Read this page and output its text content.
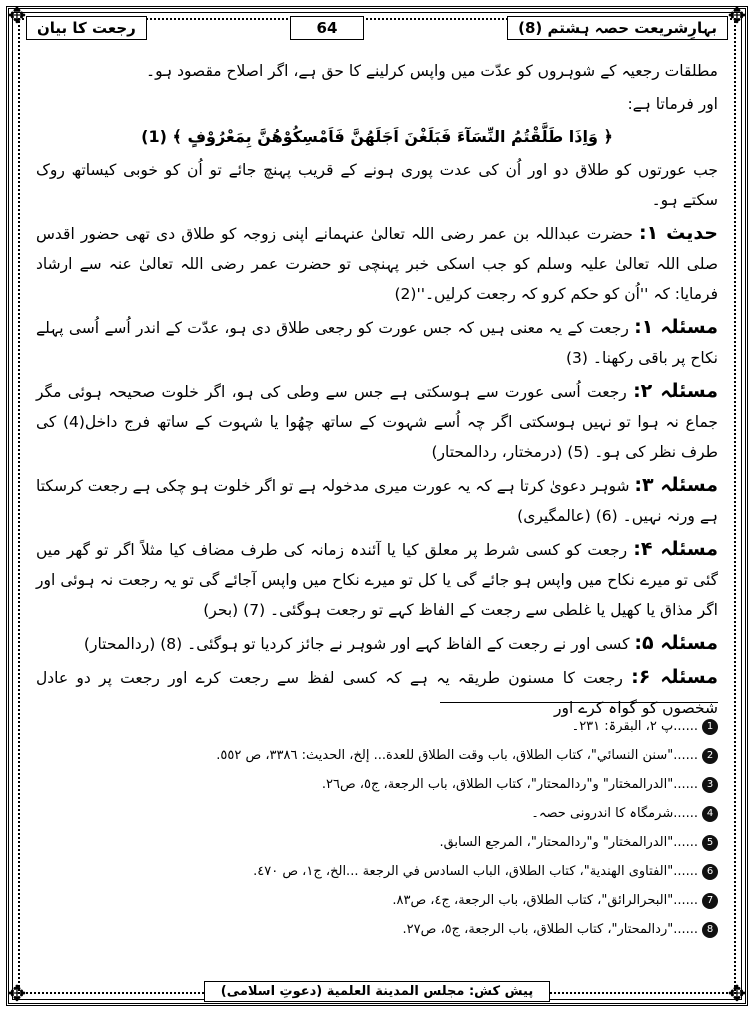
✥	✥
✥	✥
رجعت کا بیان	64	بہارِشریعت حصہ ہشتم (8)
پیش کش: مجلس المدينة العلمية (دعوتِ اسلامی)

مطلقات رجعیہ کے شوہروں کو عدّت میں واپس کرلینے کا حق ہے، اگر اصلاح مقصود ہو۔

اور فرماتا ہے:

﴿ وَاِذَا طَلَّقْتُمُ النِّسَآءَ فَبَلَغْنَ اَجَلَهُنَّ فَاَمْسِكُوْهُنَّ بِمَعْرُوْفٍ ﴾ (1)

جب عورتوں کو طلاق دو اور اُن کی عدت پوری ہونے کے قریب پہنچ جائے تو اُن کو خوبی کیساتھ روک سکتے ہو۔

حدیث ۱: حضرت عبداللہ بن عمر رضی اللہ تعالیٰ عنہمانے اپنی زوجہ کو طلاق دی تھی حضور اقدس صلی اللہ تعالیٰ علیہ وسلم کو جب اسکی خبر پہنچی تو حضرت عمر رضی اللہ تعالیٰ عنہ سے ارشاد فرمایا: کہ ''اُن کو حکم کرو کہ رجعت کرلیں۔''(2)

مسئلہ ۱: رجعت کے یہ معنی ہیں کہ جس عورت کو رجعی طلاق دی ہو، عدّت کے اندر اُسے اُسی پہلے نکاح پر باقی رکھنا۔ (3)

مسئلہ ۲: رجعت اُسی عورت سے ہوسکتی ہے جس سے وطی کی ہو، اگر خلوت صحیحہ ہوئی مگر جماع نہ ہوا تو نہیں ہوسکتی اگر چہ اُسے شہوت کے ساتھ چھُوا یا شہوت کے ساتھ فرج داخل(4) کی طرف نظر کی ہو۔ (5) (درمختار، ردالمحتار)

مسئلہ ۳: شوہر دعویٰ کرتا ہے کہ یہ عورت میری مدخولہ ہے تو اگر خلوت ہو چکی ہے رجعت کرسکتا ہے ورنہ نہیں۔ (6) (عالمگیری)

مسئلہ ۴: رجعت کو کسی شرط پر معلق کیا یا آئندہ زمانہ کی طرف مضاف کیا مثلاً اگر تو گھر میں گئی تو میرے نکاح میں واپس ہو جائے گی یا کل تو میرے نکاح میں واپس آجائے گی تو یہ رجعت نہ ہوئی اور اگر مذاق یا کھیل یا غلطی سے رجعت کے الفاظ کہے تو رجعت ہوگئی۔ (7) (بحر)

مسئلہ ۵: کسی اور نے رجعت کے الفاظ کہے اور شوہر نے جائز کردیا تو ہوگئی۔ (8) (ردالمحتار)

مسئلہ ۶: رجعت کا مسنون طریقہ یہ ہے کہ کسی لفظ سے رجعت کرے اور رجعت پر دو عادل شخصوں کو گواہ کرے اور

1
......پ ۲، البقرۃ: ۲۳۱۔
2
......"سنن النسائي"، كتاب الطلاق، باب وقت الطلاق للعدة... إلخ، الحديث: ٣٣٨٦، ص ٥٥٢.
3
......"الدرالمختار" و"ردالمحتار"، كتاب الطلاق، باب الرجعة، ج٥، ص٢٦.
4
......شرمگاہ کا اندرونی حصہ۔
5
......"الدرالمختار" و"ردالمحتار"، المرجع السابق.
6
......"الفتاوى الهندية"، كتاب الطلاق، الباب السادس في الرجعة ...الخ، ج١، ص ٤٧٠.
7
......"البحرالرائق"، كتاب الطلاق، باب الرجعة، ج٤، ص٨٣.
8
......"ردالمحتار"، كتاب الطلاق، باب الرجعة، ج٥، ص٢٧.
